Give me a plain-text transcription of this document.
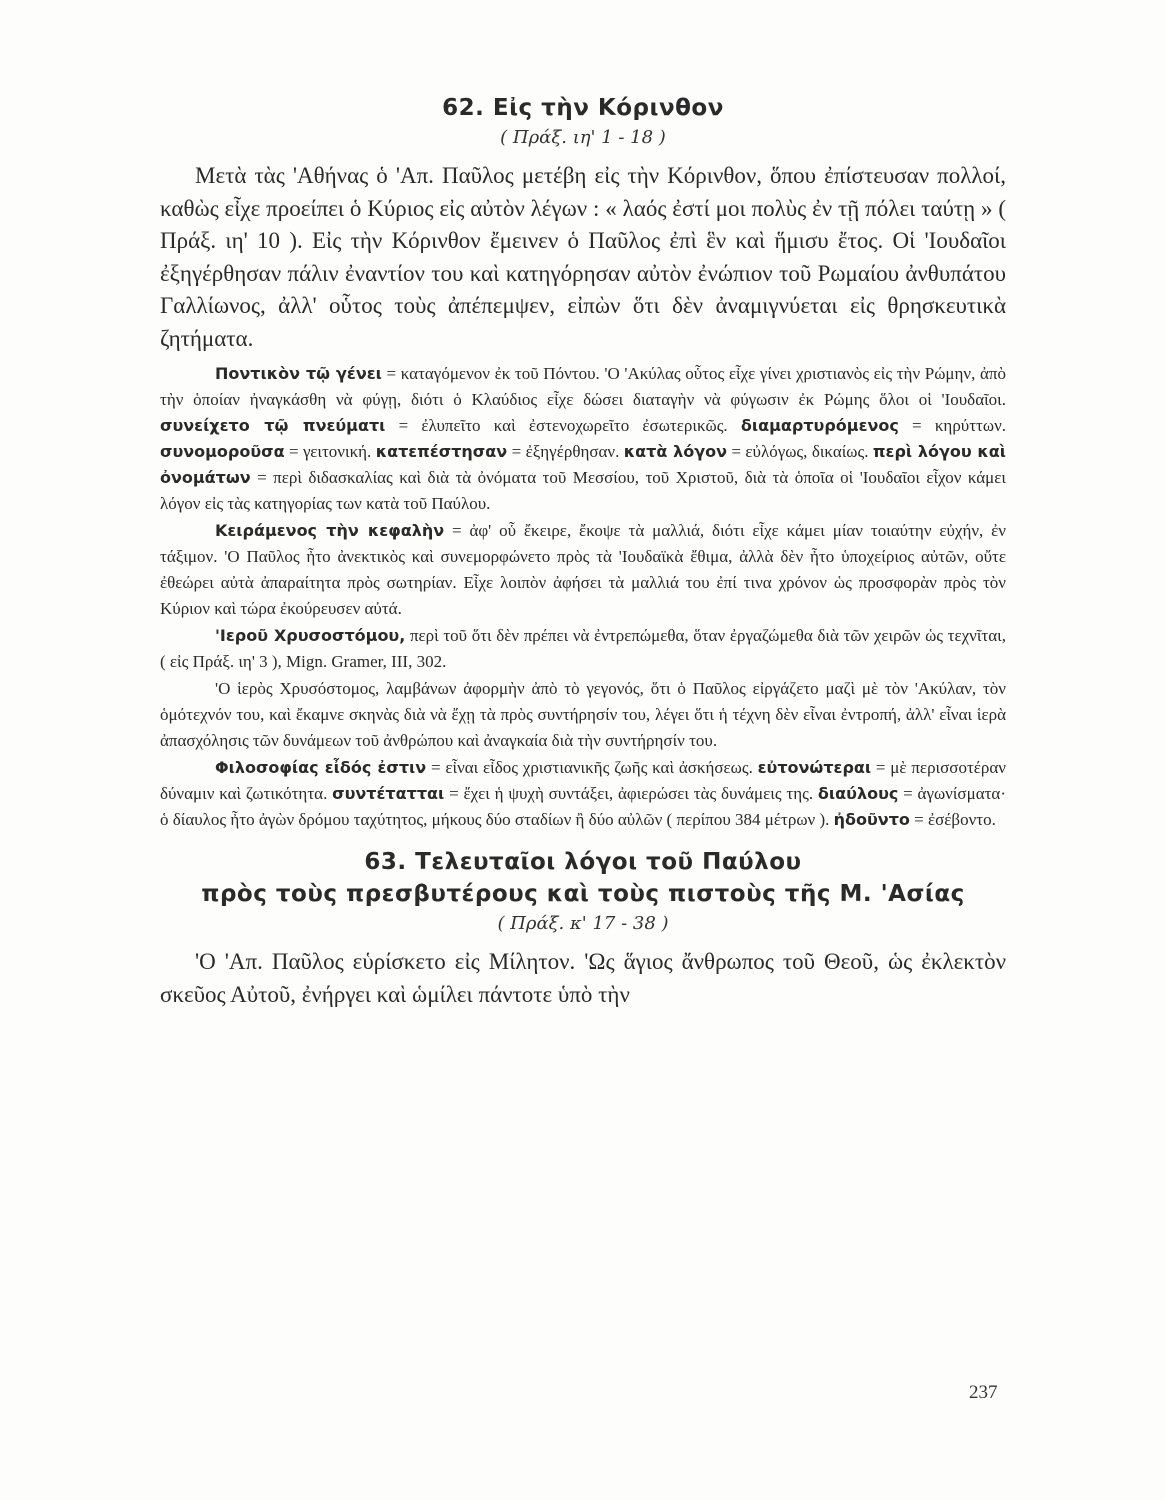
62. Εἰς τὴν Κόρινθον

( Πράξ. ιη' 1 - 18 )

Μετὰ τὰς 'Αθήνας ὁ 'Απ. Παῦλος μετέβη εἰς τὴν Κόρινθον, ὅπου ἐπίστευσαν πολλοί, καθὼς εἶχε προείπει ὁ Κύριος εἰς αὐτὸν λέγων : « λαός ἐστί μοι πολὺς ἐν τῇ πόλει ταύτῃ » ( Πράξ. ιη' 10 ). Εἰς τὴν Κόρινθον ἔμεινεν ὁ Παῦλος ἐπὶ ἓν καὶ ἥμισυ ἔτος. Οἱ 'Ιουδαῖοι ἐξηγέρθησαν πάλιν ἐναντίον του καὶ κατηγόρησαν αὐτὸν ἐνώπιον τοῦ Ρωμαίου ἀνθυπάτου Γαλλίωνος, ἀλλ' οὗτος τοὺς ἀπέπεμψεν, εἰπὼν ὅτι δὲν ἀναμιγνύεται εἰς θρησκευτικὰ ζητήματα.

Ποντικὸν τῷ γένει = καταγόμενον ἐκ τοῦ Πόντου. 'Ο 'Ακύλας οὗτος εἶχε γίνει χριστιανὸς εἰς τὴν Ρώμην, ἀπὸ τὴν ὁποίαν ἠναγκάσθη νὰ φύγῃ, διότι ὁ Κλαύδιος εἶχε δώσει διαταγὴν νὰ φύγωσιν ἐκ Ρώμης ὅλοι οἱ 'Ιουδαῖοι. συνείχετο τῷ πνεύματι = ἐλυπεῖτο καὶ ἐστενοχωρεῖτο ἐσωτερικῶς. διαμαρτυρόμενος = κηρύττων. συνομοροῦσα = γειτονική. κατεπέστησαν = ἐξηγέρθησαν. κατὰ λόγον = εὐλόγως, δικαίως. περὶ λόγου καὶ ὀνομάτων = περὶ διδασκαλίας καὶ διὰ τὰ ὀνόματα τοῦ Μεσσίου, τοῦ Χριστοῦ, διὰ τὰ ὁποῖα οἱ 'Ιουδαῖοι εἶχον κάμει λόγον εἰς τὰς κατηγορίας των κατὰ τοῦ Παύλου.

Κειράμενος τὴν κεφαλὴν = ἀφ' οὗ ἔκειρε, ἔκοψε τὰ μαλλιά, διότι εἶχε κάμει μίαν τοιαύτην εὐχήν, ἐν τάξιμον. 'Ο Παῦλος ἦτο ἀνεκτικὸς καὶ συνεμορφώνετο πρὸς τὰ 'Ιουδαϊκὰ ἔθιμα, ἀλλὰ δὲν ἦτο ὑποχείριος αὐτῶν, οὔτε ἐθεώρει αὐτὰ ἀπαραίτητα πρὸς σωτηρίαν. Εἶχε λοιπὸν ἀφήσει τὰ μαλλιά του ἐπί τινα χρόνον ὡς προσφορὰν πρὸς τὸν Κύριον καὶ τώρα ἐκούρευσεν αὐτά.

'Ιεροῦ Χρυσοστόμου, περὶ τοῦ ὅτι δὲν πρέπει νὰ ἐντρεπώμεθα, ὅταν ἐργαζώμεθα διὰ τῶν χειρῶν ὡς τεχνῖται, ( εἰς Πράξ. ιη' 3 ), Mign. Gramer, III, 302.

'Ο ἱερὸς Χρυσόστομος, λαμβάνων ἀφορμὴν ἀπὸ τὸ γεγονός, ὅτι ὁ Παῦλος εἰργάζετο μαζὶ μὲ τὸν 'Ακύλαν, τὸν ὁμότεχνόν του, καὶ ἔκαμνε σκηνὰς διὰ νὰ ἔχῃ τὰ πρὸς συντήρησίν του, λέγει ὅτι ἡ τέχνη δὲν εἶναι ἐντροπή, ἀλλ' εἶναι ἱερὰ ἀπασχόλησις τῶν δυνάμεων τοῦ ἀνθρώπου καὶ ἀναγκαία διὰ τὴν συντήρησίν του.

Φιλοσοφίας εἶδός ἐστιν = εἶναι εἶδος χριστιανικῆς ζωῆς καὶ ἀσκήσεως. εὐτονώτεραι = μὲ περισσοτέραν δύναμιν καὶ ζωτικότητα. συντέτατται = ἔχει ἡ ψυχὴ συντάξει, ἀφιερώσει τὰς δυνάμεις της. διαύλους = ἀγωνίσματα· ὁ δίαυλος ἦτο ἀγὼν δρόμου ταχύτητος, μήκους δύο σταδίων ἢ δύο αὐλῶν ( περίπου 384 μέτρων ). ἠδοῦντο = ἐσέβοντο.

63. Τελευταῖοι λόγοι τοῦ Παύλου
πρὸς τοὺς πρεσβυτέρους καὶ τοὺς πιστοὺς τῆς Μ. 'Ασίας

( Πράξ. κ' 17 - 38 )

'Ο 'Απ. Παῦλος εὑρίσκετο εἰς Μίλητον. 'Ως ἅγιος ἄνθρωπος τοῦ Θεοῦ, ὡς ἐκλεκτὸν σκεῦος Αὐτοῦ, ἐνήργει καὶ ὡμίλει πάντοτε ὑπὸ τὴν

237
